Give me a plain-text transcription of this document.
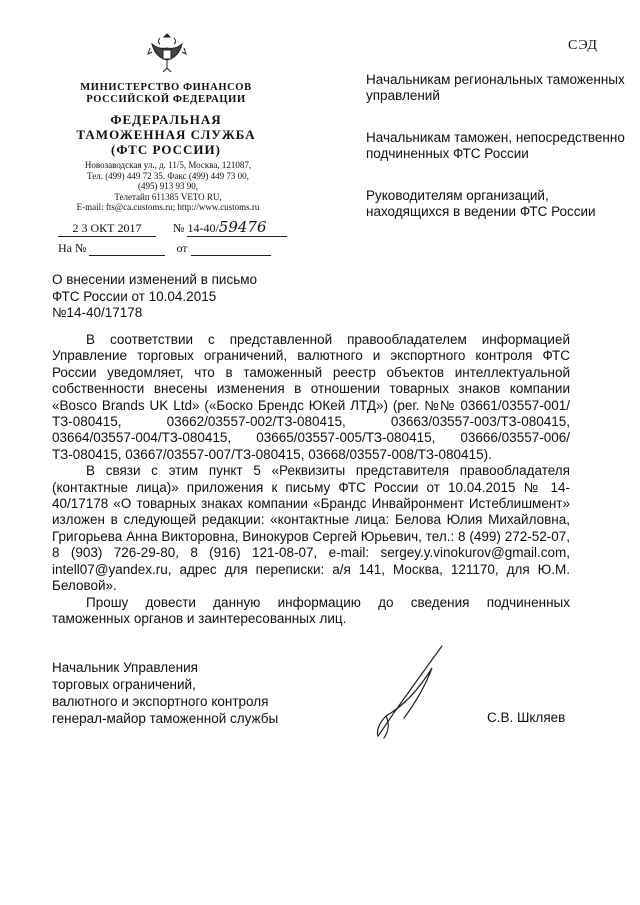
СЭД
МИНИСТЕРСТВО ФИНАНСОВ
РОССИЙСКОЙ ФЕДЕРАЦИИ
ФЕДЕРАЛЬНАЯ
ТАМОЖЕННАЯ СЛУЖБА
(ФТС РОССИИ)
Новозаводская ул., д. 11/5, Москва, 121087,
Тел. (499) 449 72 35. Факс (499) 449 73 00,
(495) 913 93 90,
Телетайп 611385 VETO RU,
E-mail: fts@ca.customs.ru; http://www.customs.ru
2 3 ОКТ 2017	№ 14-40/59476
На №	от

Начальникам региональных таможенных управлений

Начальникам таможен, непосредственно подчиненных ФТС России

Руководителям организаций, находящихся в ведении ФТС России

О внесении изменений в письмо
ФТС России от 10.04.2015
№14-40/17178

В соответствии с представленной правообладателем информацией Управление торговых ограничений, валютного и экспортного контроля ФТС России уведомляет, что в таможенный реестр объектов интеллектуальной собственности внесены изменения в отношении товарных знаков компании «Bosco Brands UK Ltd» («Боско Брендс ЮКей ЛТД») (рег. №№ 03661/03557-001/ТЗ-080415, 03662/03557-002/ТЗ-080415, 03663/03557-003/ТЗ-080415, 03664/03557-004/ТЗ-080415, 03665/03557-005/ТЗ-080415, 03666/03557-006/ТЗ-080415, 03667/03557-007/ТЗ-080415, 03668/03557-008/ТЗ-080415).

В связи с этим пункт 5 «Реквизиты представителя правообладателя (контактные лица)» приложения к письму ФТС России от 10.04.2015 № 14-40/17178 «О товарных знаках компании «Брандс Инвайронмент Истеблишмент» изложен в следующей редакции: «контактные лица: Белова Юлия Михайловна, Григорьева Анна Викторовна, Винокуров Сергей Юрьевич, тел.: 8 (499) 272-52-07, 8 (903) 726-29-80, 8 (916) 121-08-07, e-mail: sergey.y.vinokurov@gmail.com, intell07@yandex.ru, адрес для переписки: а/я 141, Москва, 121170, для Ю.М. Беловой».

Прошу довести данную информацию до сведения подчиненных таможенных органов и заинтересованных лиц.

Начальник Управления
торговых ограничений,
валютного и экспортного контроля
генерал-майор таможенной службы	С.В. Шкляев
